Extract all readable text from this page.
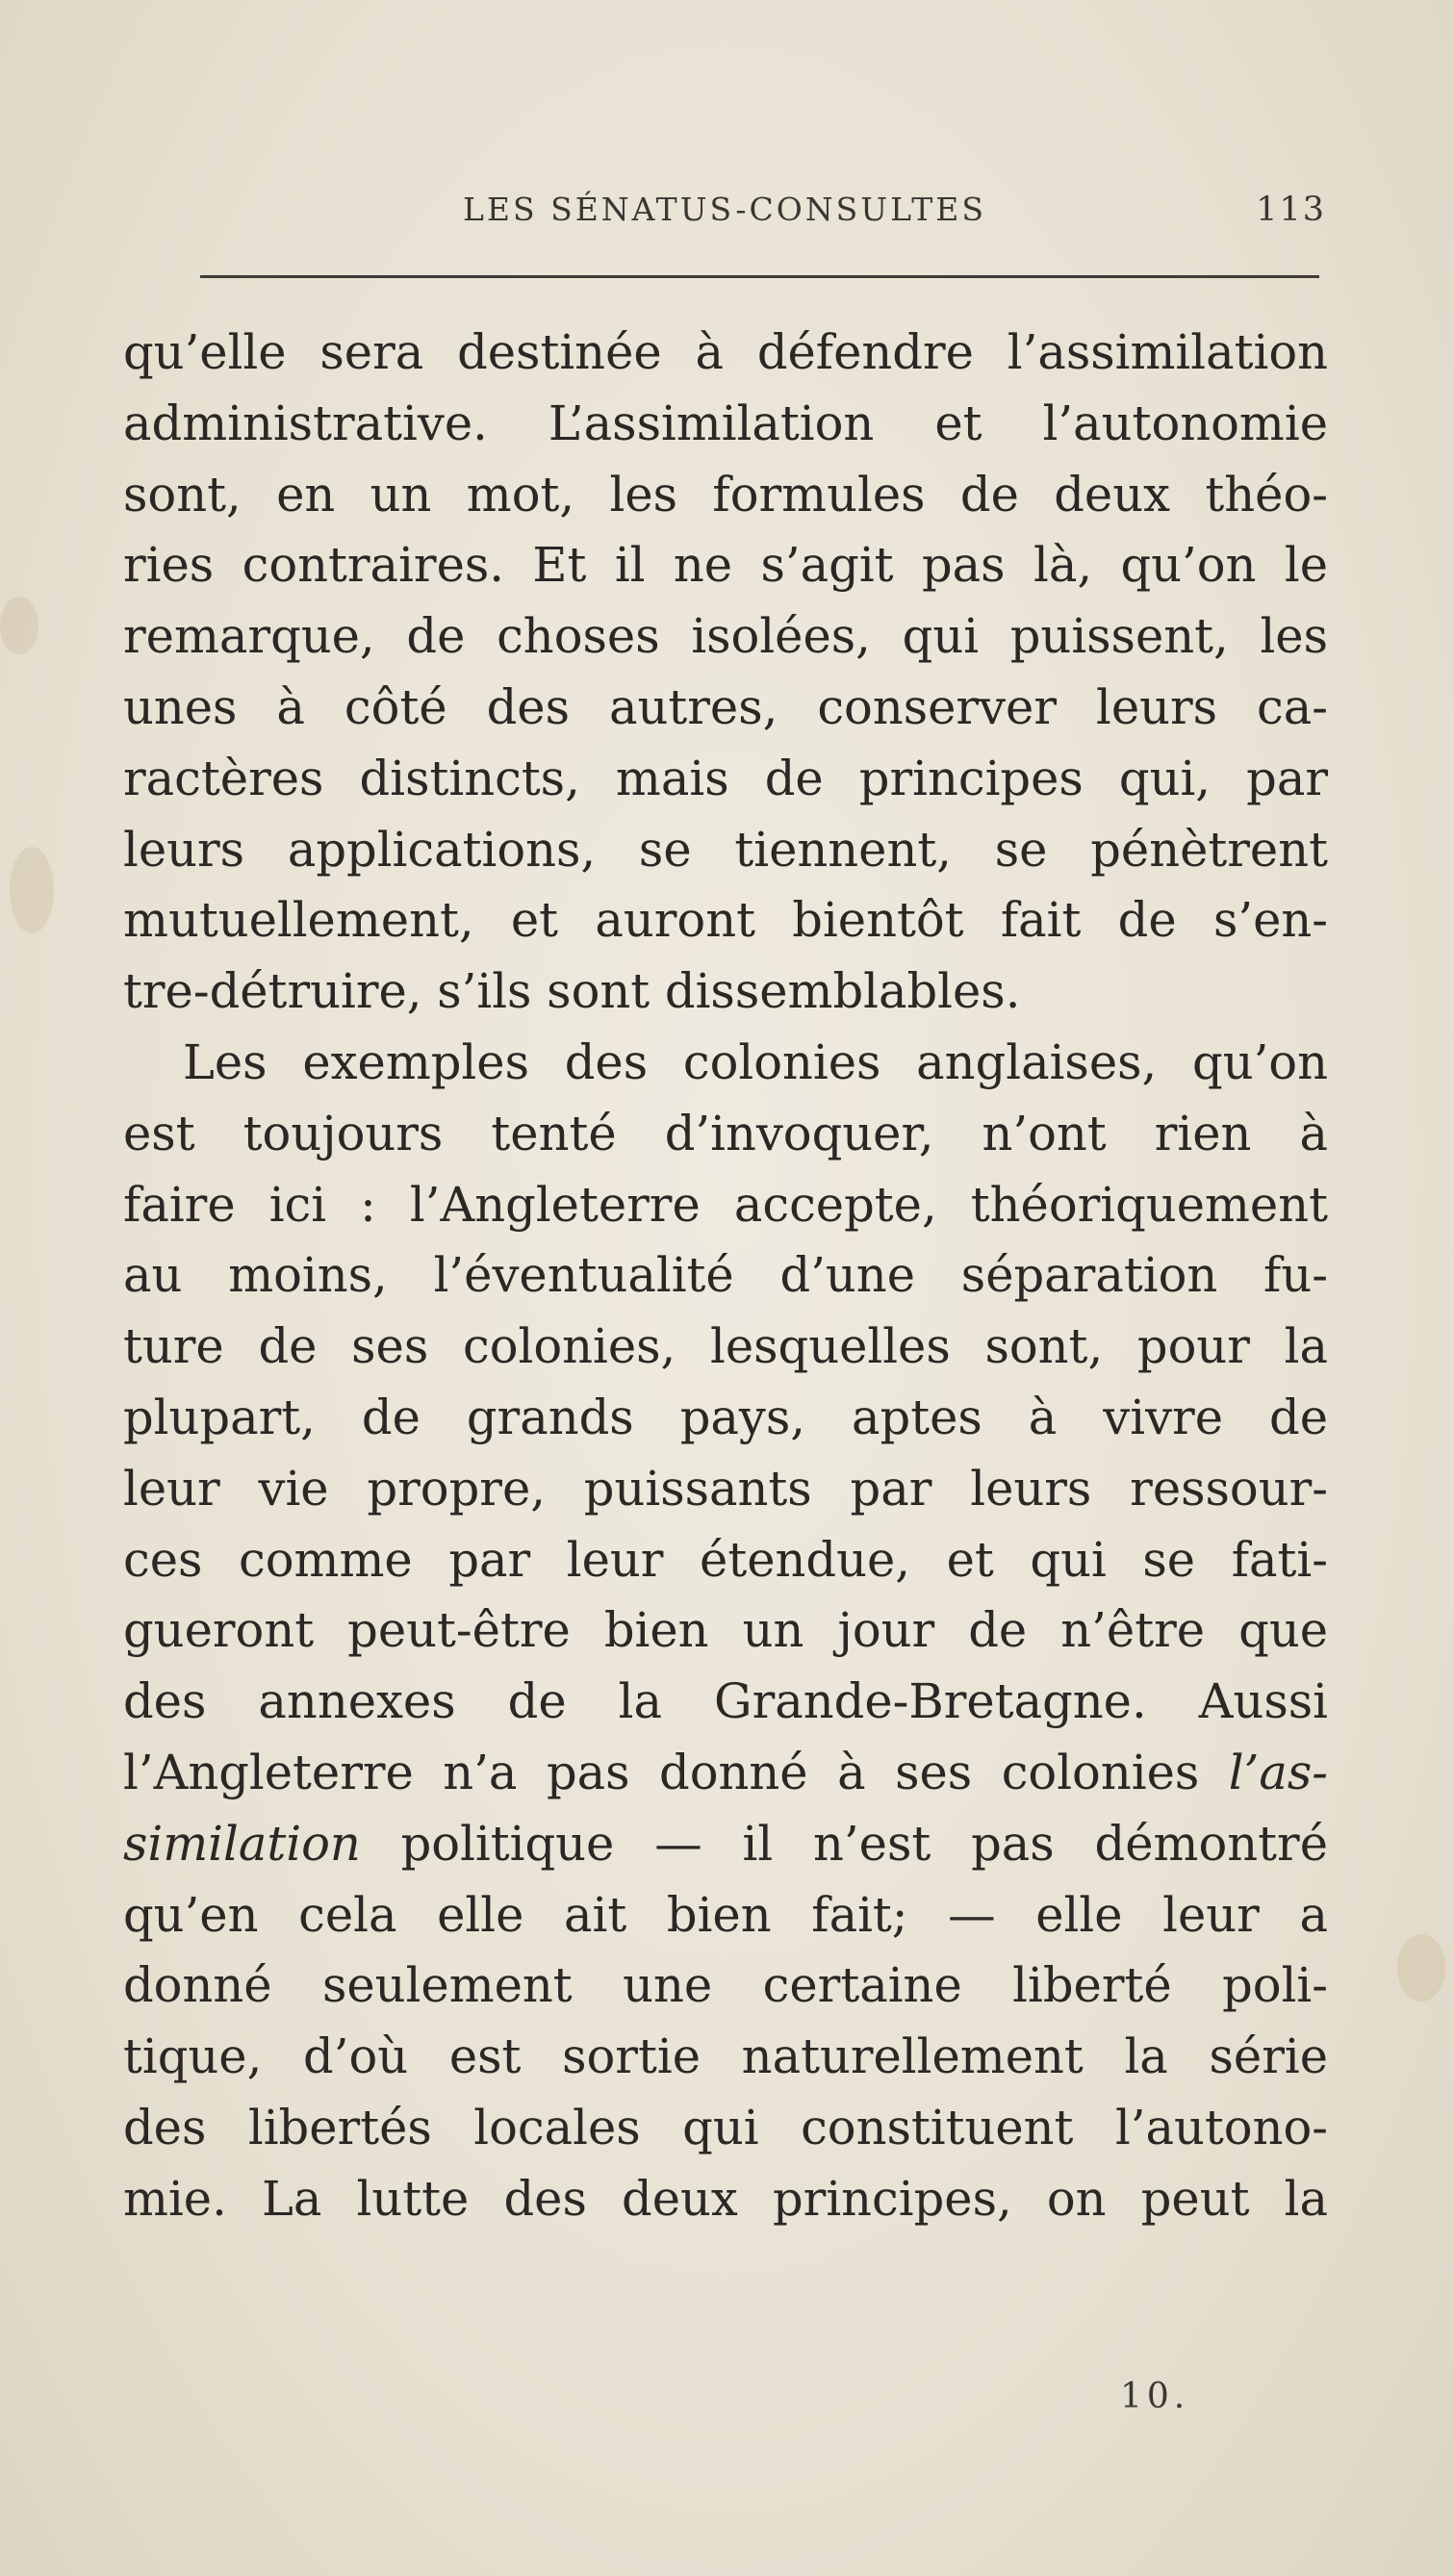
LES SÉNATUS-CONSULTES	113
qu’elle sera destinée à défendre l’assimilation
administrative. L’assimilation et l’autonomie
sont, en un mot, les formules de deux théo-
ries contraires. Et il ne s’agit pas là, qu’on le
remarque, de choses isolées, qui puissent, les
unes à côté des autres, conserver leurs ca-
ractères distincts, mais de principes qui, par
leurs applications, se tiennent, se pénètrent
mutuellement, et auront bientôt fait de s’en-
tre-détruire, s’ils sont dissemblables.
Les exemples des colonies anglaises, qu’on
est toujours tenté d’invoquer, n’ont rien à
faire ici : l’Angleterre accepte, théoriquement
au moins, l’éventualité d’une séparation fu-
ture de ses colonies, lesquelles sont, pour la
plupart, de grands pays, aptes à vivre de
leur vie propre, puissants par leurs ressour-
ces comme par leur étendue, et qui se fati-
gueront peut-être bien un jour de n’être que
des annexes de la Grande-Bretagne. Aussi
l’Angleterre n’a pas donné à ses colonies l’as-
similation politique — il n’est pas démontré
qu’en cela elle ait bien fait; — elle leur a
donné seulement une certaine liberté poli-
tique, d’où est sortie naturellement la série
des libertés locales qui constituent l’autono-
mie. La lutte des deux principes, on peut la
10.
